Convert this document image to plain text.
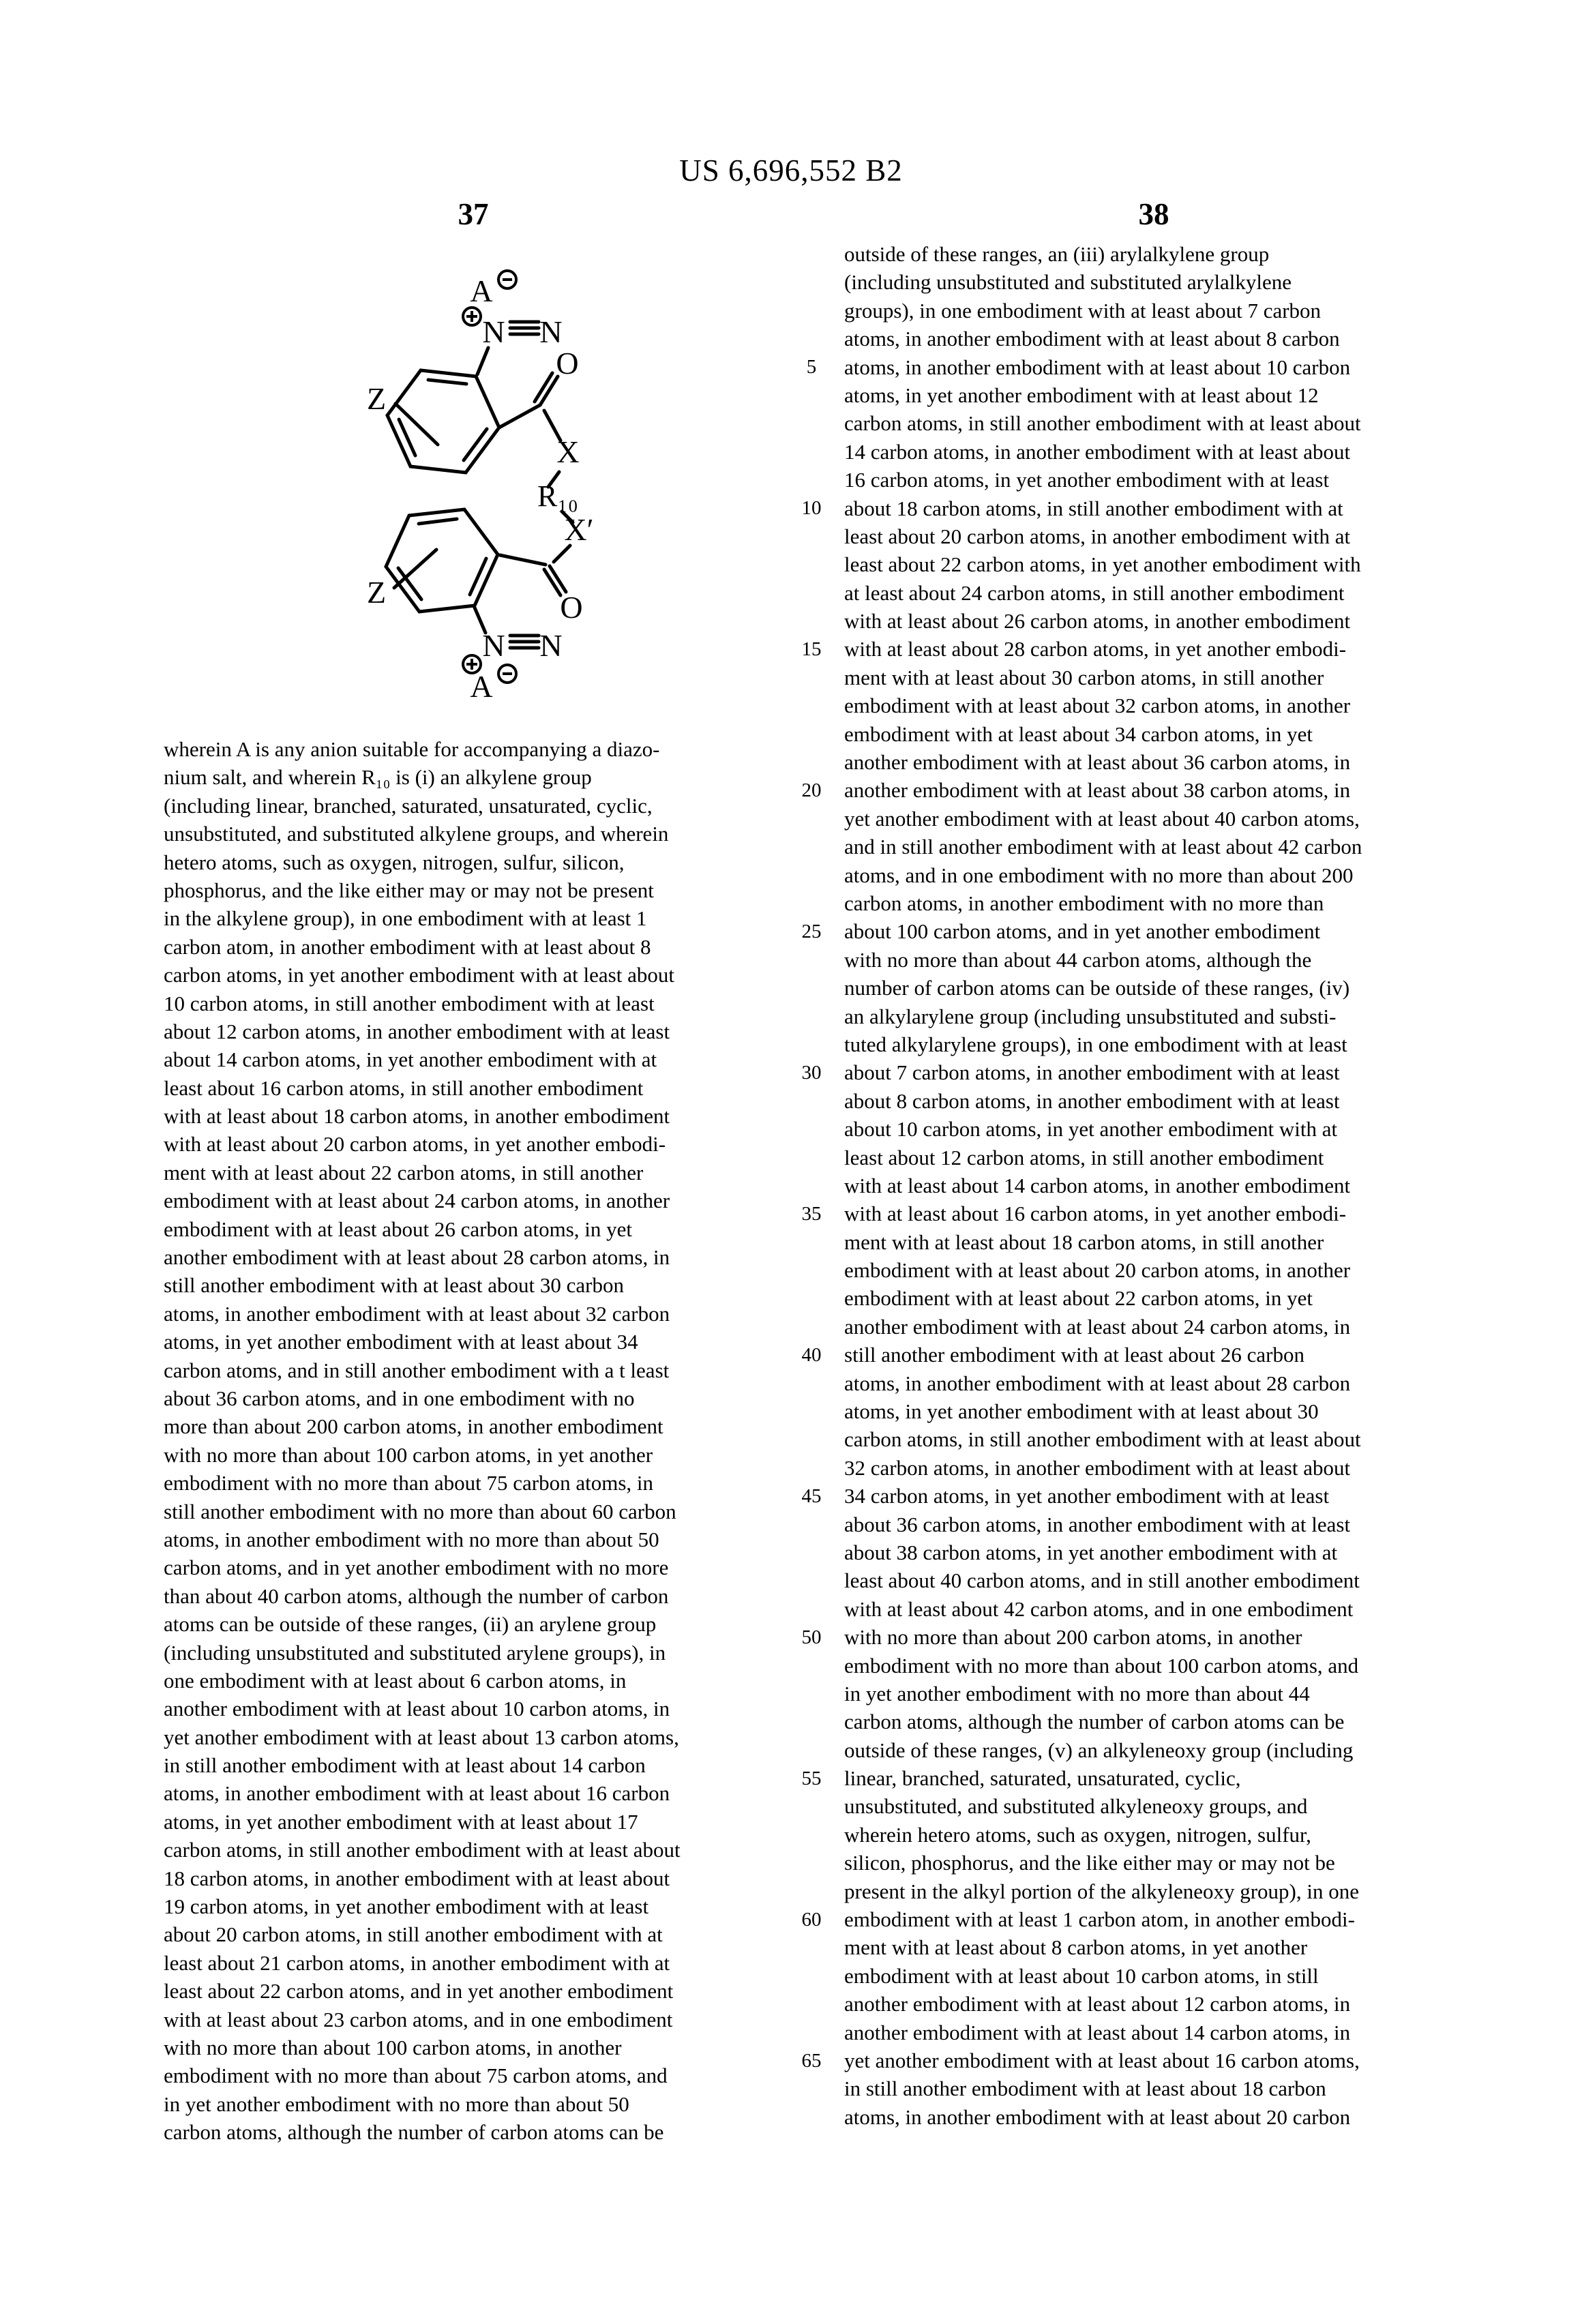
US 6,696,552 B2
37	38
A
N N
Z
O
X
R₁₀
X′
O
Z
N N
A
5
10
15
20
25
30
35
40
45
50
55
60
65
wherein A is any anion suitable for accompanying a diazo-
nium salt, and wherein R₁₀ is (i) an alkylene group
(including linear, branched, saturated, unsaturated, cyclic,
unsubstituted, and substituted alkylene groups, and wherein
hetero atoms, such as oxygen, nitrogen, sulfur, silicon,
phosphorus, and the like either may or may not be present
in the alkylene group), in one embodiment with at least 1
carbon atom, in another embodiment with at least about 8
carbon atoms, in yet another embodiment with at least about
10 carbon atoms, in still another embodiment with at least
about 12 carbon atoms, in another embodiment with at least
about 14 carbon atoms, in yet another embodiment with at
least about 16 carbon atoms, in still another embodiment
with at least about 18 carbon atoms, in another embodiment
with at least about 20 carbon atoms, in yet another embodi-
ment with at least about 22 carbon atoms, in still another
embodiment with at least about 24 carbon atoms, in another
embodiment with at least about 26 carbon atoms, in yet
another embodiment with at least about 28 carbon atoms, in
still another embodiment with at least about 30 carbon
atoms, in another embodiment with at least about 32 carbon
atoms, in yet another embodiment with at least about 34
carbon atoms, and in still another embodiment with a t least
about 36 carbon atoms, and in one embodiment with no
more than about 200 carbon atoms, in another embodiment
with no more than about 100 carbon atoms, in yet another
embodiment with no more than about 75 carbon atoms, in
still another embodiment with no more than about 60 carbon
atoms, in another embodiment with no more than about 50
carbon atoms, and in yet another embodiment with no more
than about 40 carbon atoms, although the number of carbon
atoms can be outside of these ranges, (ii) an arylene group
(including unsubstituted and substituted arylene groups), in
one embodiment with at least about 6 carbon atoms, in
another embodiment with at least about 10 carbon atoms, in
yet another embodiment with at least about 13 carbon atoms,
in still another embodiment with at least about 14 carbon
atoms, in another embodiment with at least about 16 carbon
atoms, in yet another embodiment with at least about 17
carbon atoms, in still another embodiment with at least about
18 carbon atoms, in another embodiment with at least about
19 carbon atoms, in yet another embodiment with at least
about 20 carbon atoms, in still another embodiment with at
least about 21 carbon atoms, in another embodiment with at
least about 22 carbon atoms, and in yet another embodiment
with at least about 23 carbon atoms, and in one embodiment
with no more than about 100 carbon atoms, in another
embodiment with no more than about 75 carbon atoms, and
in yet another embodiment with no more than about 50
carbon atoms, although the number of carbon atoms can be
outside of these ranges, an (iii) arylalkylene group
(including unsubstituted and substituted arylalkylene
groups), in one embodiment with at least about 7 carbon
atoms, in another embodiment with at least about 8 carbon
atoms, in another embodiment with at least about 10 carbon
atoms, in yet another embodiment with at least about 12
carbon atoms, in still another embodiment with at least about
14 carbon atoms, in another embodiment with at least about
16 carbon atoms, in yet another embodiment with at least
about 18 carbon atoms, in still another embodiment with at
least about 20 carbon atoms, in another embodiment with at
least about 22 carbon atoms, in yet another embodiment with
at least about 24 carbon atoms, in still another embodiment
with at least about 26 carbon atoms, in another embodiment
with at least about 28 carbon atoms, in yet another embodi-
ment with at least about 30 carbon atoms, in still another
embodiment with at least about 32 carbon atoms, in another
embodiment with at least about 34 carbon atoms, in yet
another embodiment with at least about 36 carbon atoms, in
another embodiment with at least about 38 carbon atoms, in
yet another embodiment with at least about 40 carbon atoms,
and in still another embodiment with at least about 42 carbon
atoms, and in one embodiment with no more than about 200
carbon atoms, in another embodiment with no more than
about 100 carbon atoms, and in yet another embodiment
with no more than about 44 carbon atoms, although the
number of carbon atoms can be outside of these ranges, (iv)
an alkylarylene group (including unsubstituted and substi-
tuted alkylarylene groups), in one embodiment with at least
about 7 carbon atoms, in another embodiment with at least
about 8 carbon atoms, in another embodiment with at least
about 10 carbon atoms, in yet another embodiment with at
least about 12 carbon atoms, in still another embodiment
with at least about 14 carbon atoms, in another embodiment
with at least about 16 carbon atoms, in yet another embodi-
ment with at least about 18 carbon atoms, in still another
embodiment with at least about 20 carbon atoms, in another
embodiment with at least about 22 carbon atoms, in yet
another embodiment with at least about 24 carbon atoms, in
still another embodiment with at least about 26 carbon
atoms, in another embodiment with at least about 28 carbon
atoms, in yet another embodiment with at least about 30
carbon atoms, in still another embodiment with at least about
32 carbon atoms, in another embodiment with at least about
34 carbon atoms, in yet another embodiment with at least
about 36 carbon atoms, in another embodiment with at least
about 38 carbon atoms, in yet another embodiment with at
least about 40 carbon atoms, and in still another embodiment
with at least about 42 carbon atoms, and in one embodiment
with no more than about 200 carbon atoms, in another
embodiment with no more than about 100 carbon atoms, and
in yet another embodiment with no more than about 44
carbon atoms, although the number of carbon atoms can be
outside of these ranges, (v) an alkyleneoxy group (including
linear, branched, saturated, unsaturated, cyclic,
unsubstituted, and substituted alkyleneoxy groups, and
wherein hetero atoms, such as oxygen, nitrogen, sulfur,
silicon, phosphorus, and the like either may or may not be
present in the alkyl portion of the alkyleneoxy group), in one
embodiment with at least 1 carbon atom, in another embodi-
ment with at least about 8 carbon atoms, in yet another
embodiment with at least about 10 carbon atoms, in still
another embodiment with at least about 12 carbon atoms, in
another embodiment with at least about 14 carbon atoms, in
yet another embodiment with at least about 16 carbon atoms,
in still another embodiment with at least about 18 carbon
atoms, in another embodiment with at least about 20 carbon
